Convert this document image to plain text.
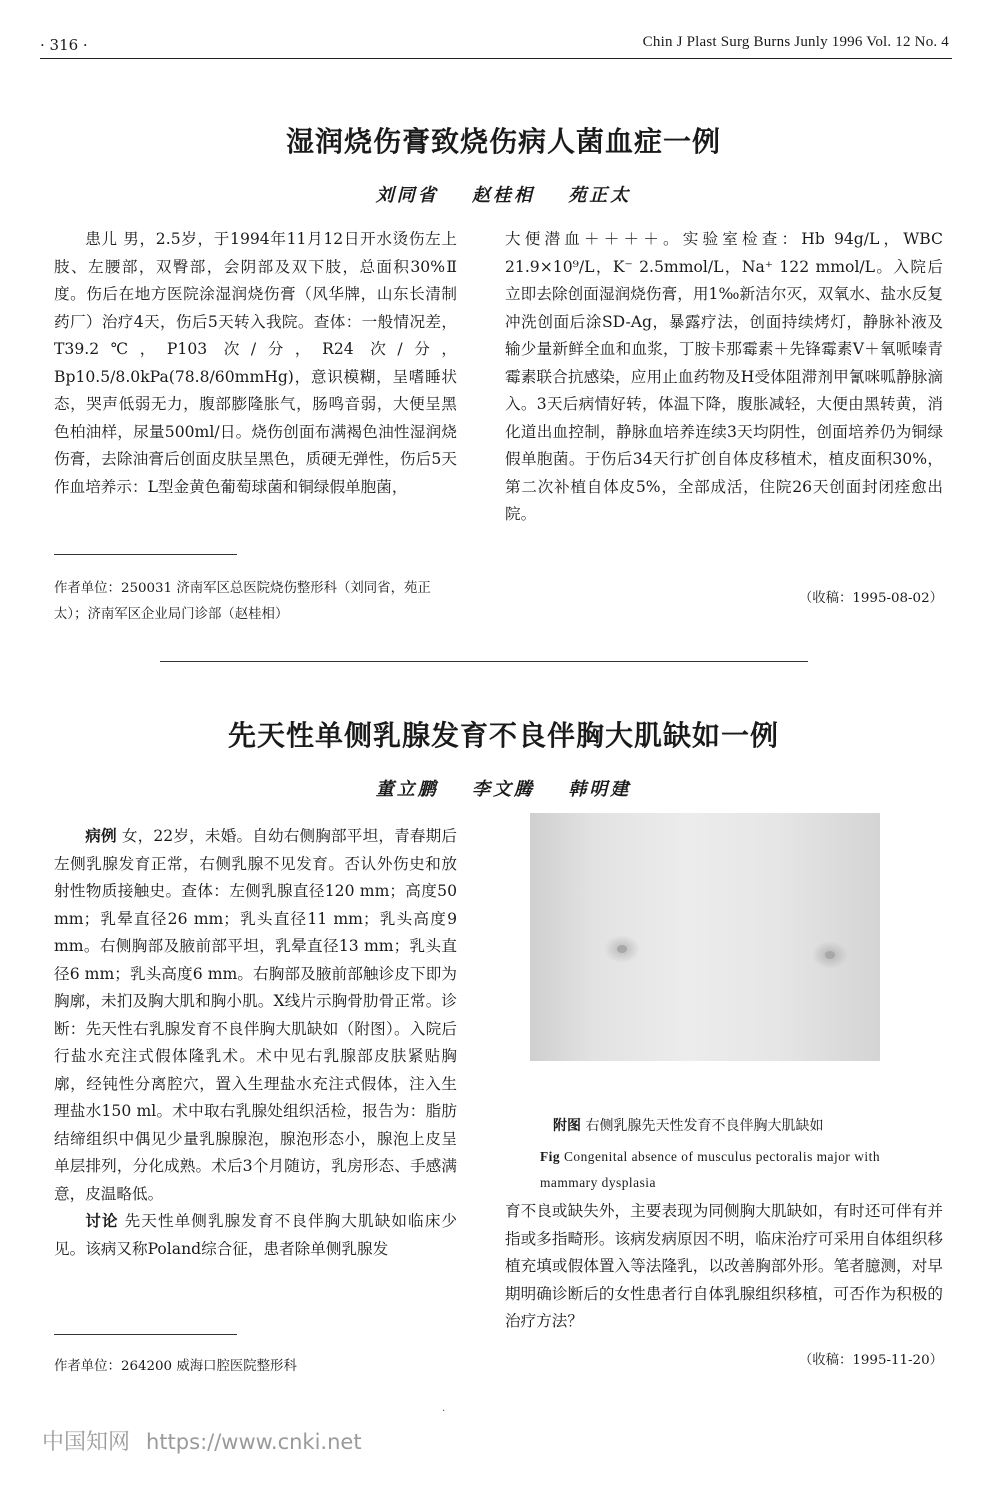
· 316 ·	Chin J Plast Surg Burns Junly 1996 Vol. 12 No. 4
湿润烧伤膏致烧伤病人菌血症一例
刘同省 赵桂相 苑正太

患儿 男，2.5岁，于1994年11月12日开水烫伤左上肢、左腰部，双臀部，会阴部及双下肢，总面积30%Ⅱ度。伤后在地方医院涂湿润烧伤膏（风华牌，山东长清制药厂）治疗4天，伤后5天转入我院。查体：一般情况差，T39.2℃，P103 次/分，R24 次/分，Bp10.5/8.0kPa(78.8/60mmHg)，意识模糊，呈嗜睡状态，哭声低弱无力，腹部膨隆胀气，肠鸣音弱，大便呈黑色柏油样，尿量500ml/日。烧伤创面布满褐色油性湿润烧伤膏，去除油膏后创面皮肤呈黑色，质硬无弹性，伤后5天作血培养示：L型金黄色葡萄球菌和铜绿假单胞菌，

大便潜血＋＋＋＋。实验室检查：Hb 94g/L，WBC 21.9×10⁹/L，K⁻ 2.5mmol/L，Na⁺ 122 mmol/L。入院后立即去除创面湿润烧伤膏，用1‰新洁尔灭，双氧水、盐水反复冲洗创面后涂SD-Ag，暴露疗法，创面持续烤灯，静脉补液及输少量新鲜全血和血浆，丁胺卡那霉素＋先锋霉素Ⅴ＋氧哌嗪青霉素联合抗感染，应用止血药物及H受体阻滞剂甲氰咪呱静脉滴入。3天后病情好转，体温下降，腹胀减轻，大便由黑转黄，消化道出血控制，静脉血培养连续3天均阴性，创面培养仍为铜绿假单胞菌。于伤后34天行扩创自体皮移植术，植皮面积30%，第二次补植自体皮5%，全部成活，住院26天创面封闭痊愈出院。

作者单位：250031 济南军区总医院烧伤整形科（刘同省，苑正太）；济南军区企业局门诊部（赵桂相）
（收稿：1995-08-02）
先天性单侧乳腺发育不良伴胸大肌缺如一例
董立鹏 李文腾 韩明建

病例 女，22岁，未婚。自幼右侧胸部平坦，青春期后左侧乳腺发育正常，右侧乳腺不见发育。否认外伤史和放射性物质接触史。查体：左侧乳腺直径120 mm；高度50 mm；乳晕直径26 mm；乳头直径11 mm；乳头高度9 mm。右侧胸部及腋前部平坦，乳晕直径13 mm；乳头直径6 mm；乳头高度6 mm。右胸部及腋前部触诊皮下即为胸廓，未扪及胸大肌和胸小肌。X线片示胸骨肋骨正常。诊断：先天性右乳腺发育不良伴胸大肌缺如（附图）。入院后行盐水充注式假体隆乳术。术中见右乳腺部皮肤紧贴胸廓，经钝性分离腔穴，置入生理盐水充注式假体，注入生理盐水150 ml。术中取右乳腺处组织活检，报告为：脂肪结缔组织中偶见少量乳腺腺泡，腺泡形态小，腺泡上皮呈单层排列，分化成熟。术后3个月随访，乳房形态、手感满意，皮温略低。

讨论 先天性单侧乳腺发育不良伴胸大肌缺如临床少见。该病又称Poland综合征，患者除单侧乳腺发

附图 右侧乳腺先天性发育不良伴胸大肌缺如
Fig Congenital absence of musculus pectoralis major with mammary dysplasia

育不良或缺失外，主要表现为同侧胸大肌缺如，有时还可伴有并指或多指畸形。该病发病原因不明，临床治疗可采用自体组织移植充填或假体置入等法隆乳，以改善胸部外形。笔者臆测，对早期明确诊断后的女性患者行自体乳腺组织移植，可否作为积极的治疗方法？

作者单位：264200 威海口腔医院整形科	（收稿：1995-11-20）
·
中国知网 https://www.cnki.net
